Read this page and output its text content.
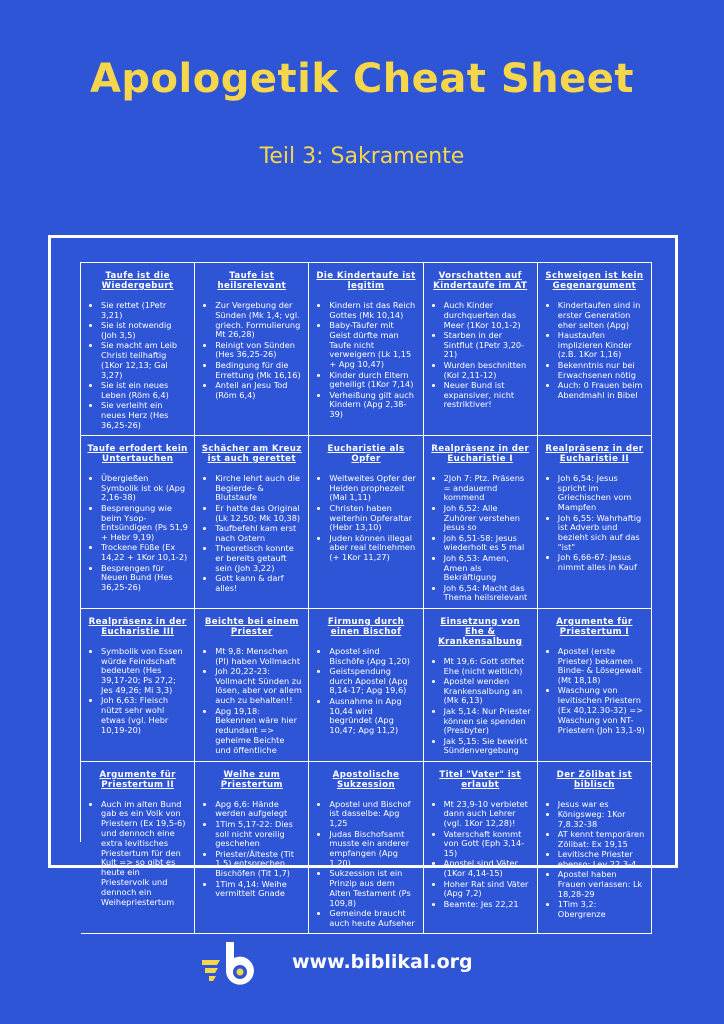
Apologetik Cheat Sheet
Teil 3: Sakramente
Taufe ist die Wiedergeburt
• Sie rettet (1Petr 3,21)
• Sie ist notwendig (Joh 3,5)
• Sie macht am Leib Christi teilhaftig (1Kor 12,13; Gal 3,27)
• Sie ist ein neues Leben (Röm 6,4)
• Sie verleiht ein neues Herz (Hes 36,25-26)
Taufe ist heilsrelevant
• Zur Vergebung der Sünden (Mk 1,4; vgl. griech. Formulierung Mt 26,28)
• Reinigt von Sünden (Hes 36,25-26)
• Bedingung für die Errettung (Mk 16,16)
• Anteil an Jesu Tod (Röm 6,4)
Die Kindertaufe ist legitim
• Kindern ist das Reich Gottes (Mk 10,14)
• Baby-Täufer mit Geist dürfte man Taufe nicht verweigern (Lk 1,15 + Apg 10,47)
• Kinder durch Eltern geheiligt (1Kor 7,14)
• Verheißung gilt auch Kindern (Apg 2,38-39)
Vorschatten auf Kindertaufe im AT
• Auch Kinder durchquerten das Meer (1Kor 10,1-2)
• Starben in der Sintflut (1Petr 3,20-21)
• Wurden beschnitten (Kol 2,11-12)
• Neuer Bund ist expansiver, nicht restriktiver!
Schweigen ist kein Gegenargument
• Kindertaufen sind in erster Generation eher selten (Apg)
• Haustaufen implizieren Kinder (z.B. 1Kor 1,16)
• Bekenntnis nur bei Erwachsenen nötig
• Auch: 0 Frauen beim Abendmahl in Bibel
Taufe erfodert kein Untertauchen
• Übergießen Symbolik ist ok (Apg 2,16-38)
• Besprengung wie beim Ysop-Entsündigen (Ps 51,9 + Hebr 9,19)
• Trockene Füße (Ex 14,22 + 1Kor 10,1-2)
• Besprengen für Neuen Bund (Hes 36,25-26)
Schächer am Kreuz ist auch gerettet
• Kirche lehrt auch die Begierde- & Blutstaufe
• Er hatte das Original (Lk 12,50; Mk 10,38)
• Taufbefehl kam erst nach Ostern
• Theoretisch konnte er bereits getauft sein (Joh 3,22)
• Gott kann & darf alles!
Eucharistie als Opfer
• Weltweites Opfer der Heiden prophezeit (Mal 1,11)
• Christen haben weiterhin Opferaltar (Hebr 13,10)
• Juden können illegal aber real teilnehmen (+ 1Kor 11,27)
Realpräsenz in der Eucharistie I
• 2Joh 7: Ptz. Präsens = andauernd kommend
• Joh 6,52: Alle Zuhörer verstehen Jesus so
• Joh 6,51-58: Jesus wiederholt es 5 mal
• Joh 6,53: Amen, Amen als Bekräftigung
• Joh 6,54: Macht das Thema heilsrelevant
Realpräsenz in der Eucharistie II
• Joh 6,54: Jesus spricht im Griechischen vom Mampfen
• Joh 6,55: Wahrhaftig ist Adverb und bezieht sich auf das "ist"
• Joh 6,66-67: Jesus nimmt alles in Kauf
Realpräsenz in der Eucharistie III
• Symbolik von Essen würde Feindschaft bedeuten (Hes 39,17-20; Ps 27,2; Jes 49,26; Mi 3,3)
• Joh 6,63: Fleisch nützt sehr wohl etwas (vgl. Hebr 10,19-20)
Beichte bei einem Priester
• Mt 9,8: Menschen (Pl) haben Vollmacht
• Joh 20,22-23: Vollmacht Sünden zu lösen, aber vor allem auch zu behalten!!
• Apg 19,18: Bekennen wäre hier redundant => geheime Beichte und öffentliche
Firmung durch einen Bischof
• Apostel sind Bischöfe (Apg 1,20)
• Geistspendung durch Apostel (Apg 8,14-17; Apg 19,6)
• Ausnahme in Apg 10,44 wird begründet (Apg 10,47; Apg 11,2)
Einsetzung von Ehe & Krankensalbung
• Mt 19,6: Gott stiftet Ehe (nicht weltlich)
• Apostel wenden Krankensalbung an (Mk 6,13)
• Jak 5,14: Nur Priester können sie spenden (Presbyter)
• Jak 5,15: Sie bewirkt Sündenvergebung
Argumente für Priestertum I
• Apostel (erste Priester) bekamen Binde- & Lösegewalt (Mt 18,18)
• Waschung von levitischen Priestern (Ex 40,12.30-32) => Waschung von NT-Priestern (Joh 13,1-9)
Argumente für Priestertum II
• Auch im alten Bund gab es ein Volk von Priestern (Ex 19,5-6) und dennoch eine extra levitisches Priestertum für den Kult => so gibt es heute ein Priestervolk und dennoch ein Weihepriestertum
Weihe zum Priestertum
• Apg 6,6: Hände werden aufgelegt
• 1Tim 5,17-22: Dies soll nicht voreilig geschehen
• Priester/Älteste (Tit 1,5) entsprechen Bischöfen (Tit 1,7)
• 1Tim 4,14: Weihe vermittelt Gnade
Apostolische Sukzession
• Apostel und Bischof ist dasselbe: Apg 1,25
• Judas Bischofsamt musste ein anderer empfangen (Apg 1,20)
• Sukzession ist ein Prinzip aus dem Alten Testament (Ps 109,8)
• Gemeinde braucht auch heute Aufseher
Titel "Vater" ist erlaubt
• Mt 23,9-10 verbietet dann auch Lehrer (vgl. 1Kor 12,28)!
• Vaterschaft kommt von Gott (Eph 3,14-15)
• Apostel sind Väter (1Kor 4,14-15)
• Hoher Rat sind Väter (Apg 7,2)
• Beamte: Jes 22,21
Der Zölibat ist biblisch
• Jesus war es
• Königsweg: 1Kor 7,8.32-38
• AT kennt temporären Zölibat: Ex 19,15
• Levitische Priester ebenso: Lev 22,3-4
• Apostel haben Frauen verlassen: Lk 18,28-29
• 1Tim 3,2: Obergrenze
www.biblikal.org
